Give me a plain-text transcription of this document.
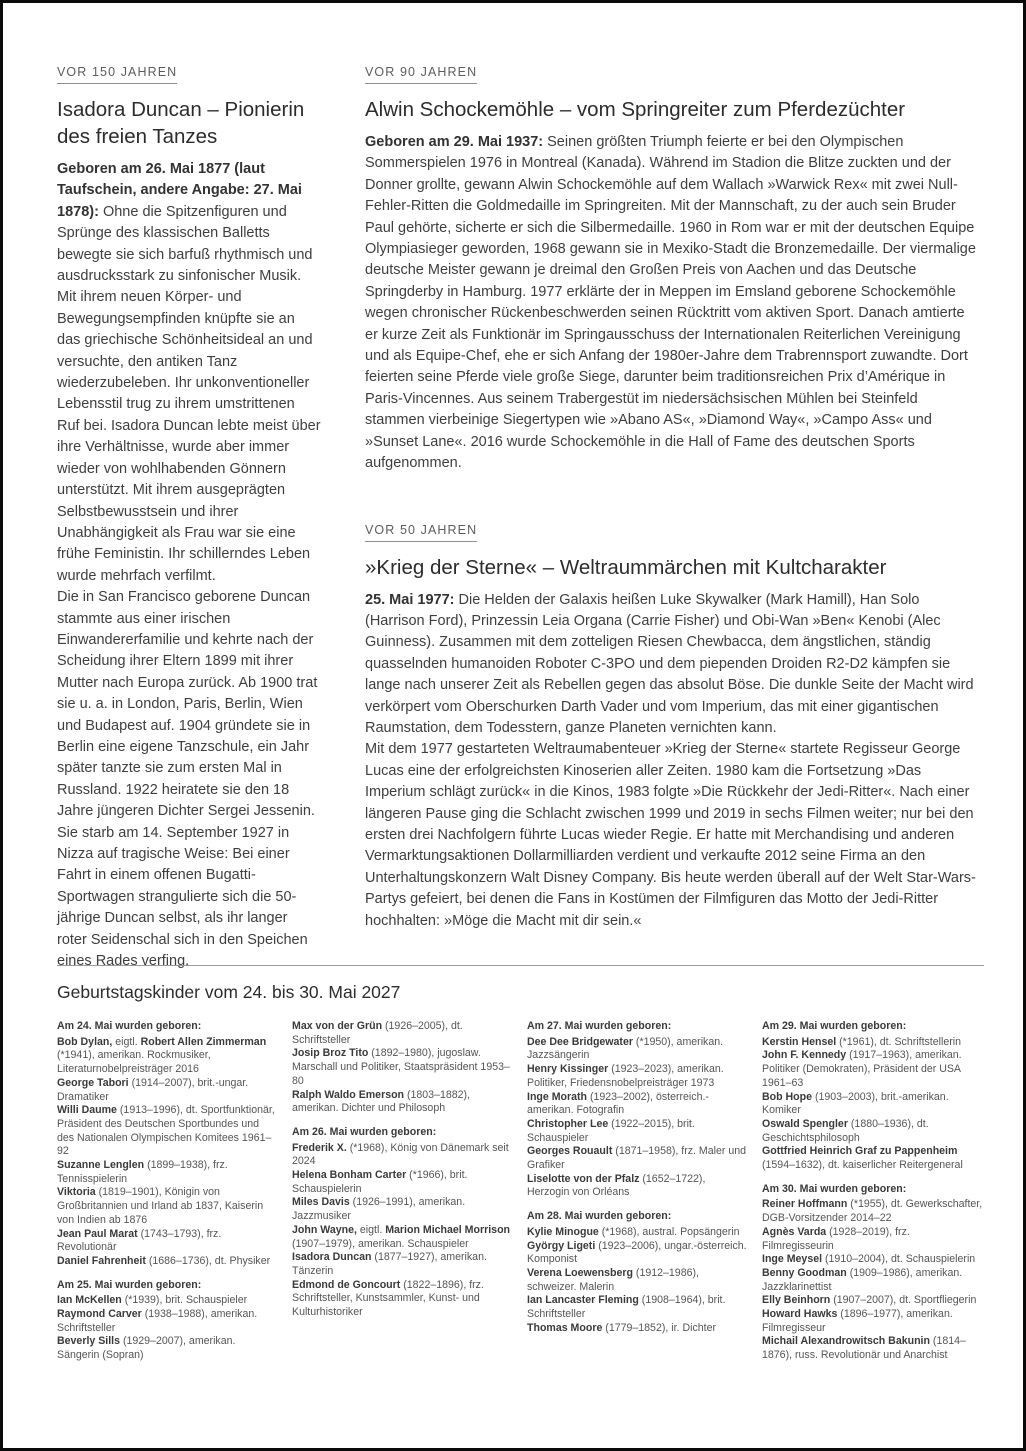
VOR 150 JAHREN
Isadora Duncan – Pionierin des freien Tanzes

Geboren am 26. Mai 1877 (laut Taufschein, andere Angabe: 27. Mai 1878): Ohne die Spitzenfiguren und Sprünge des klassischen Balletts bewegte sie sich barfuß rhythmisch und ausdrucksstark zu sinfonischer Musik. Mit ihrem neuen Körper- und Bewegungsempfinden knüpfte sie an das griechische Schönheitsideal an und versuchte, den antiken Tanz wiederzubeleben. Ihr unkonventioneller Lebensstil trug zu ihrem umstrittenen Ruf bei. Isadora Duncan lebte meist über ihre Verhältnisse, wurde aber immer wieder von wohlhabenden Gönnern unterstützt. Mit ihrem ausgeprägten Selbstbewusstsein und ihrer Unabhängigkeit als Frau war sie eine frühe Feministin. Ihr schillerndes Leben wurde mehrfach verfilmt.

Die in San Francisco geborene Duncan stammte aus einer irischen Einwandererfamilie und kehrte nach der Scheidung ihrer Eltern 1899 mit ihrer Mutter nach Europa zurück. Ab 1900 trat sie u. a. in London, Paris, Berlin, Wien und Budapest auf. 1904 gründete sie in Berlin eine eigene Tanzschule, ein Jahr später tanzte sie zum ersten Mal in Russland. 1922 heiratete sie den 18 Jahre jüngeren Dichter Sergei Jessenin. Sie starb am 14. September 1927 in Nizza auf tragische Weise: Bei einer Fahrt in einem offenen Bugatti-Sportwagen strangulierte sich die 50-jährige Duncan selbst, als ihr langer roter Seidenschal sich in den Speichen eines Rades verfing.

VOR 90 JAHREN
Alwin Schockemöhle – vom Springreiter zum Pferdezüchter

Geboren am 29. Mai 1937: Seinen größten Triumph feierte er bei den Olympischen Sommerspielen 1976 in Montreal (Kanada). Während im Stadion die Blitze zuckten und der Donner grollte, gewann Alwin Schockemöhle auf dem Wallach »Warwick Rex« mit zwei Null-Fehler-Ritten die Goldmedaille im Springreiten. Mit der Mannschaft, zu der auch sein Bruder Paul gehörte, sicherte er sich die Silbermedaille. 1960 in Rom war er mit der deutschen Equipe Olympiasieger geworden, 1968 gewann sie in Mexiko-Stadt die Bronzemedaille. Der viermalige deutsche Meister gewann je dreimal den Großen Preis von Aachen und das Deutsche Springderby in Hamburg. 1977 erklärte der in Meppen im Emsland geborene Schockemöhle wegen chronischer Rückenbeschwerden seinen Rücktritt vom aktiven Sport. Danach amtierte er kurze Zeit als Funktionär im Springausschuss der Internationalen Reiterlichen Vereinigung und als Equipe-Chef, ehe er sich Anfang der 1980er-Jahre dem Trabrennsport zuwandte. Dort feierten seine Pferde viele große Siege, darunter beim traditionsreichen Prix d’Amérique in Paris-Vincennes. Aus seinem Trabergestüt im niedersächsischen Mühlen bei Steinfeld stammen vierbeinige Siegertypen wie »Abano AS«, »Diamond Way«, »Campo Ass« und »Sunset Lane«. 2016 wurde Schockemöhle in die Hall of Fame des deutschen Sports aufgenommen.

VOR 50 JAHREN
»Krieg der Sterne« – Weltraummärchen mit Kultcharakter

25. Mai 1977: Die Helden der Galaxis heißen Luke Skywalker (Mark Hamill), Han Solo (Harrison Ford), Prinzessin Leia Organa (Carrie Fisher) und Obi-Wan »Ben« Kenobi (Alec Guinness). Zusammen mit dem zotteligen Riesen Chewbacca, dem ängstlichen, ständig quasselnden humanoiden Roboter C-3PO und dem piependen Droiden R2-D2 kämpfen sie lange nach unserer Zeit als Rebellen gegen das absolut Böse. Die dunkle Seite der Macht wird verkörpert vom Oberschurken Darth Vader und vom Imperium, das mit einer gigantischen Raumstation, dem Todesstern, ganze Planeten vernichten kann.

Mit dem 1977 gestarteten Weltraumabenteuer »Krieg der Sterne« startete Regisseur George Lucas eine der erfolgreichsten Kinoserien aller Zeiten. 1980 kam die Fortsetzung »Das Imperium schlägt zurück« in die Kinos, 1983 folgte »Die Rückkehr der Jedi-Ritter«. Nach einer längeren Pause ging die Schlacht zwischen 1999 und 2019 in sechs Filmen weiter; nur bei den ersten drei Nachfolgern führte Lucas wieder Regie. Er hatte mit Merchandising und anderen Vermarktungsaktionen Dollarmilliarden verdient und verkaufte 2012 seine Firma an den Unterhaltungskonzern Walt Disney Company. Bis heute werden überall auf der Welt Star-Wars-Partys gefeiert, bei denen die Fans in Kostümen der Filmfiguren das Motto der Jedi-Ritter hochhalten: »Möge die Macht mit dir sein.«

Geburtstagskinder vom 24. bis 30. Mai 2027
Am 24. Mai wurden geboren:
Bob Dylan, eigtl. Robert Allen Zimmerman (*1941), amerikan. Rockmusiker, Literaturnobelpreisträger 2016
George Tabori (1914–2007), brit.-ungar. Dramatiker
Willi Daume (1913–1996), dt. Sportfunktionär, Präsident des Deutschen Sportbundes und des Nationalen Olympischen Komitees 1961–92
Suzanne Lenglen (1899–1938), frz. Tennisspielerin
Viktoria (1819–1901), Königin von Großbritannien und Irland ab 1837, Kaiserin von Indien ab 1876
Jean Paul Marat (1743–1793), frz. Revolutionär
Daniel Fahrenheit (1686–1736), dt. Physiker
Am 25. Mai wurden geboren:
Ian McKellen (*1939), brit. Schauspieler
Raymond Carver (1938–1988), amerikan. Schriftsteller
Beverly Sills (1929–2007), amerikan. Sängerin (Sopran)
Max von der Grün (1926–2005), dt. Schriftsteller
Josip Broz Tito (1892–1980), jugoslaw. Marschall und Politiker, Staatspräsident 1953–80
Ralph Waldo Emerson (1803–1882), amerikan. Dichter und Philosoph
Am 26. Mai wurden geboren:
Frederik X. (*1968), König von Dänemark seit 2024
Helena Bonham Carter (*1966), brit. Schauspielerin
Miles Davis (1926–1991), amerikan. Jazzmusiker
John Wayne, eigtl. Marion Michael Morrison (1907–1979), amerikan. Schauspieler
Isadora Duncan (1877–1927), amerikan. Tänzerin
Edmond de Goncourt (1822–1896), frz. Schriftsteller, Kunstsammler, Kunst- und Kulturhistoriker
Am 27. Mai wurden geboren:
Dee Dee Bridgewater (*1950), amerikan. Jazzsängerin
Henry Kissinger (1923–2023), amerikan. Politiker, Friedensnobelpreisträger 1973
Inge Morath (1923–2002), österreich.-amerikan. Fotografin
Christopher Lee (1922–2015), brit. Schauspieler
Georges Rouault (1871–1958), frz. Maler und Grafiker
Liselotte von der Pfalz (1652–1722), Herzogin von Orléans
Am 28. Mai wurden geboren:
Kylie Minogue (*1968), austral. Popsängerin
György Ligeti (1923–2006), ungar.-österreich. Komponist
Verena Loewensberg (1912–1986), schweizer. Malerin
Ian Lancaster Fleming (1908–1964), brit. Schriftsteller
Thomas Moore (1779–1852), ir. Dichter
Am 29. Mai wurden geboren:
Kerstin Hensel (*1961), dt. Schriftstellerin
John F. Kennedy (1917–1963), amerikan. Politiker (Demokraten), Präsident der USA 1961–63
Bob Hope (1903–2003), brit.-amerikan. Komiker
Oswald Spengler (1880–1936), dt. Geschichtsphilosoph
Gottfried Heinrich Graf zu Pappenheim (1594–1632), dt. kaiserlicher Reitergeneral
Am 30. Mai wurden geboren:
Reiner Hoffmann (*1955), dt. Gewerkschafter, DGB-Vorsitzender 2014–22
Agnès Varda (1928–2019), frz. Filmregisseurin
Inge Meysel (1910–2004), dt. Schauspielerin
Benny Goodman (1909–1986), amerikan. Jazzklarinettist
Elly Beinhorn (1907–2007), dt. Sportfliegerin
Howard Hawks (1896–1977), amerikan. Filmregisseur
Michail Alexandrowitsch Bakunin (1814–1876), russ. Revolutionär und Anarchist
